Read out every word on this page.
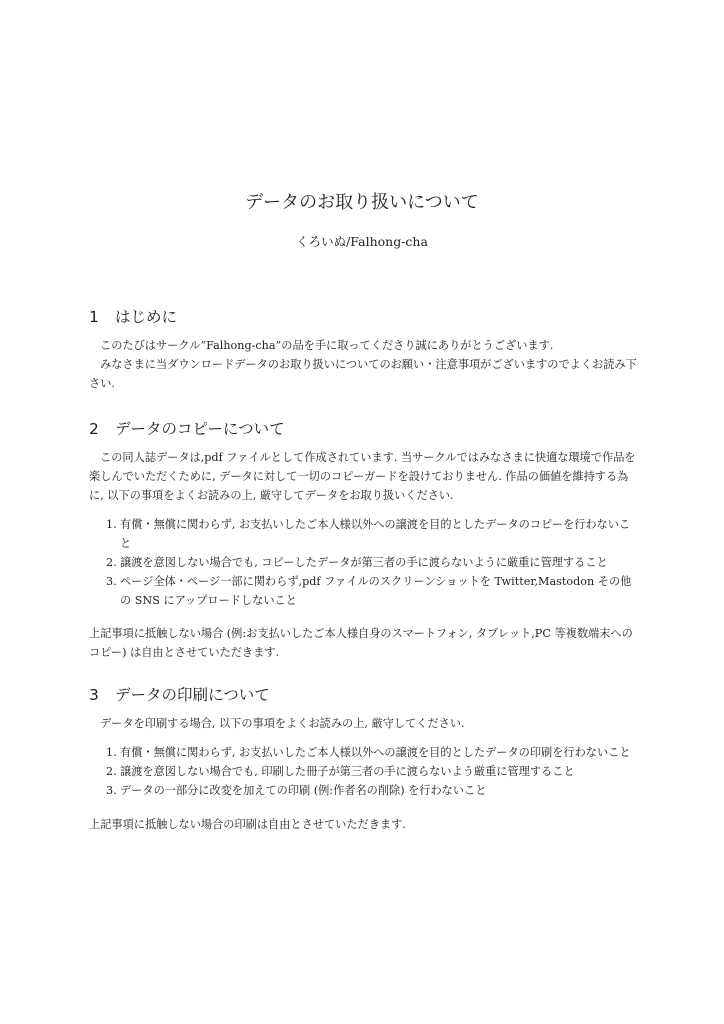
データのお取り扱いについて
くろいぬ/Falhong-cha
1 はじめに

このたびはサークル“Falhong-cha”の品を手に取ってくださり誠にありがとうございます.

みなさまに当ダウンロードデータのお取り扱いについてのお願い・注意事項がございますのでよくお読み下さい.

2 データのコピーについて

この同人誌データは,pdf ファイルとして作成されています. 当サークルではみなさまに快適な環境で作品を楽しんでいただくために, データに対して一切のコピーガードを設けておりません. 作品の価値を維持する為に, 以下の事項をよくお読みの上, 厳守してデータをお取り扱いください.

1. 有償・無償に関わらず, お支払いしたご本人様以外への譲渡を目的としたデータのコピーを行わないこと
2. 譲渡を意図しない場合でも, コピーしたデータが第三者の手に渡らないように厳重に管理すること
3. ページ全体・ページ一部に関わらず,pdf ファイルのスクリーンショットを Twitter,Mastodon その他の SNS にアップロードしないこと

上記事項に抵触しない場合 (例:お支払いしたご本人様自身のスマートフォン, タブレット,PC 等複数端末へのコピー) は自由とさせていただきます.

3 データの印刷について

データを印刷する場合, 以下の事項をよくお読みの上, 厳守してください.

1. 有償・無償に関わらず, お支払いしたご本人様以外への譲渡を目的としたデータの印刷を行わないこと
2. 譲渡を意図しない場合でも, 印刷した冊子が第三者の手に渡らないよう厳重に管理すること
3. データの一部分に改変を加えての印刷 (例:作者名の削除) を行わないこと

上記事項に抵触しない場合の印刷は自由とさせていただきます.
